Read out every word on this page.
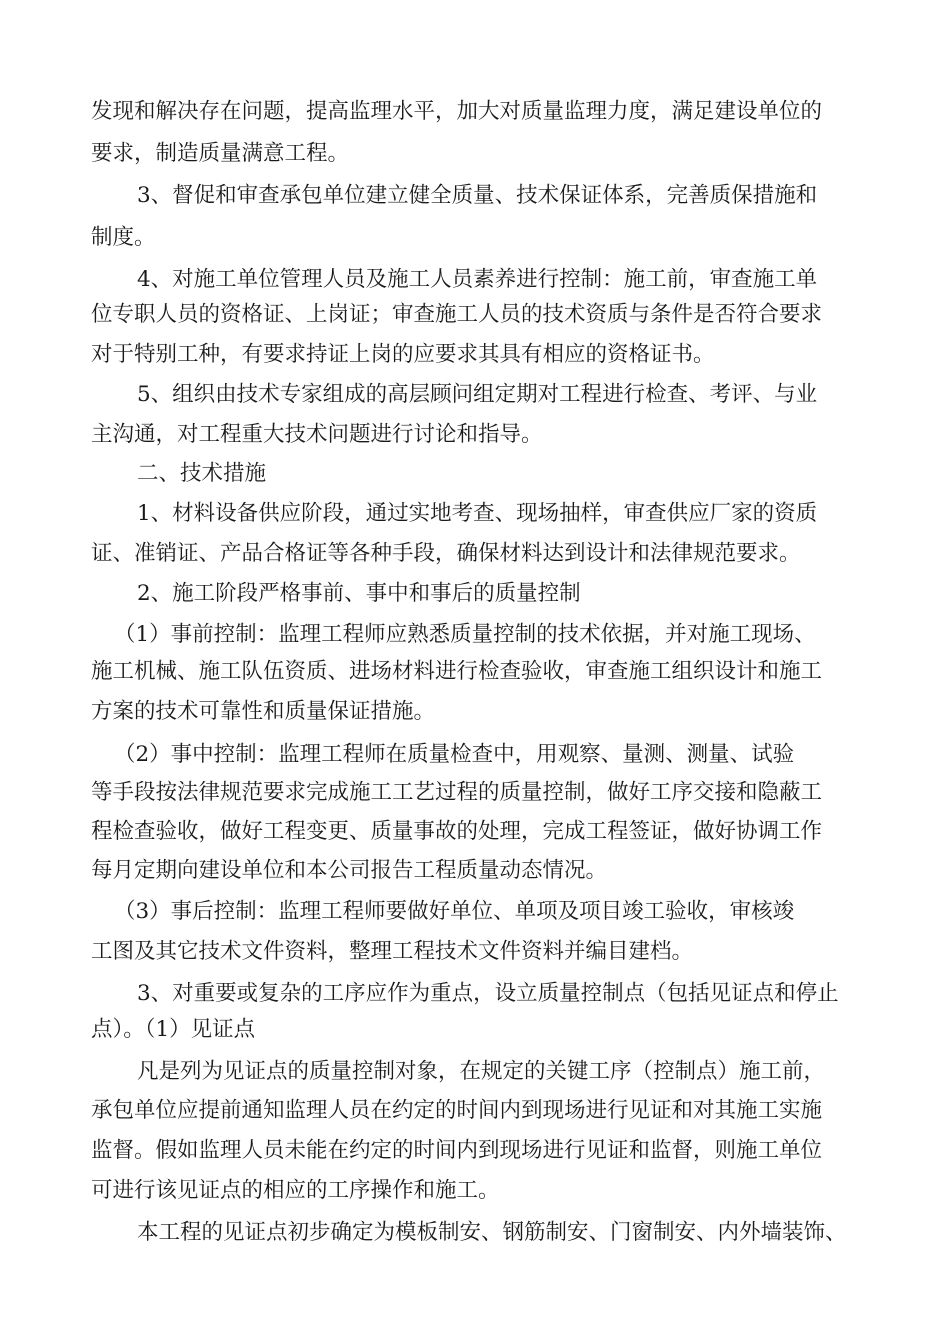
发现和解决存在问题，提高监理水平，加大对质量监理力度，满足建设单位的
要求，制造质量满意工程。
3、督促和审查承包单位建立健全质量、技术保证体系，完善质保措施和
制度。
4、对施工单位管理人员及施工人员素养进行控制：施工前，审查施工单
位专职人员的资格证、上岗证；审查施工人员的技术资质与条件是否符合要求
对于特别工种，有要求持证上岗的应要求其具有相应的资格证书。
5、组织由技术专家组成的高层顾问组定期对工程进行检查、考评、与业
主沟通，对工程重大技术问题进行讨论和指导。
二、技术措施
1、材料设备供应阶段，通过实地考查、现场抽样，审查供应厂家的资质
证、准销证、产品合格证等各种手段，确保材料达到设计和法律规范要求。
2、施工阶段严格事前、事中和事后的质量控制
（1）事前控制：监理工程师应熟悉质量控制的技术依据，并对施工现场、
施工机械、施工队伍资质、进场材料进行检查验收，审查施工组织设计和施工
方案的技术可靠性和质量保证措施。
（2）事中控制：监理工程师在质量检查中，用观察、量测、测量、试验
等手段按法律规范要求完成施工工艺过程的质量控制，做好工序交接和隐蔽工
程检查验收，做好工程变更、质量事故的处理，完成工程签证，做好协调工作
每月定期向建设单位和本公司报告工程质量动态情况。
（3）事后控制：监理工程师要做好单位、单项及项目竣工验收，审核竣
工图及其它技术文件资料，整理工程技术文件资料并编目建档。
3、对重要或复杂的工序应作为重点，设立质量控制点（包括见证点和停止
点）。（1）见证点
凡是列为见证点的质量控制对象，在规定的关键工序（控制点）施工前，
承包单位应提前通知监理人员在约定的时间内到现场进行见证和对其施工实施
监督。假如监理人员未能在约定的时间内到现场进行见证和监督，则施工单位
可进行该见证点的相应的工序操作和施工。
本工程的见证点初步确定为模板制安、钢筋制安、门窗制安、内外墙装饰、
